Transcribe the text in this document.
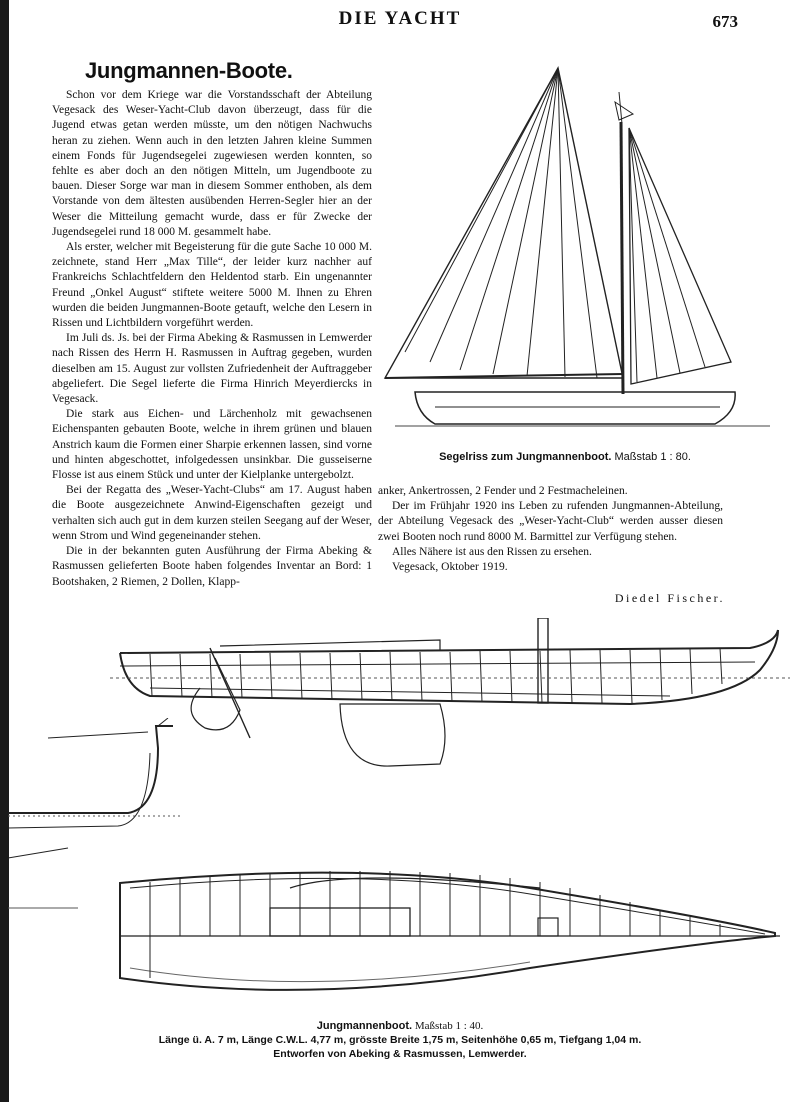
DIE YACHT	673
Jungmannen-Boote.

Schon vor dem Kriege war die Vorstandsschaft der Abteilung Vegesack des Weser-Yacht-Club davon überzeugt, dass für die Jugend etwas getan werden müsste, um den nötigen Nachwuchs heran zu ziehen. Wenn auch in den letzten Jahren kleine Summen einem Fonds für Jugendsegelei zugewiesen werden konnten, so fehlte es aber doch an den nötigen Mitteln, um Jugendboote zu bauen. Dieser Sorge war man in diesem Sommer enthoben, als dem Vorstande von dem ältesten ausübenden Herren-Segler hier an der Weser die Mitteilung gemacht wurde, dass er für Zwecke der Jugendsegelei rund 18 000 M. gesammelt habe.

Als erster, welcher mit Begeisterung für die gute Sache 10 000 M. zeichnete, stand Herr „Max Tille“, der leider kurz nachher auf Frankreichs Schlachtfeldern den Heldentod starb. Ein ungenannter Freund „Onkel August“ stiftete weitere 5000 M. Ihnen zu Ehren wurden die beiden Jungmannen-Boote getauft, welche den Lesern in Rissen und Lichtbildern vorgeführt werden.

Im Juli ds. Js. bei der Firma Abeking & Rasmussen in Lemwerder nach Rissen des Herrn H. Rasmussen in Auftrag gegeben, wurden dieselben am 15. August zur vollsten Zufriedenheit der Auftraggeber abgeliefert. Die Segel lieferte die Firma Hinrich Meyerdiercks in Vegesack.

Die stark aus Eichen- und Lärchenholz mit gewachsenen Eichenspanten gebauten Boote, welche in ihrem grünen und blauen Anstrich kaum die Formen einer Sharpie erkennen lassen, sind vorne und hinten abgeschottet, infolgedessen unsinkbar. Die gusseiserne Flosse ist aus einem Stück und unter der Kielplanke untergebolzt.

Bei der Regatta des „Weser-Yacht-Clubs“ am 17. August haben die Boote ausgezeichnete Anwind-Eigenschaften gezeigt und verhalten sich auch gut in dem kurzen steilen Seegang auf der Weser, wenn Strom und Wind gegeneinander stehen.

Die in der bekannten guten Ausführung der Firma Abeking & Rasmussen gelieferten Boote haben folgendes Inventar an Bord: 1 Bootshaken, 2 Riemen, 2 Dollen, Klapp-

Segelriss zum Jungmannenboot. Maßstab 1 : 80.

anker, Ankertrossen, 2 Fender und 2 Festmacheleinen.

Der im Frühjahr 1920 ins Leben zu rufenden Jungmannen-Abteilung, der Abteilung Vegesack des „Weser-Yacht-Club“ werden ausser diesen zwei Booten noch rund 8000 M. Barmittel zur Verfügung stehen.

Alles Nähere ist aus den Rissen zu ersehen.

Vegesack, Oktober 1919.

Diedel Fischer.
Jungmannenboot. Maßstab 1 : 40.
Länge ü. A. 7 m, Länge C.W.L. 4,77 m, grösste Breite 1,75 m, Seitenhöhe 0,65 m, Tiefgang 1,04 m.
Entworfen von Abeking & Rasmussen, Lemwerder.
